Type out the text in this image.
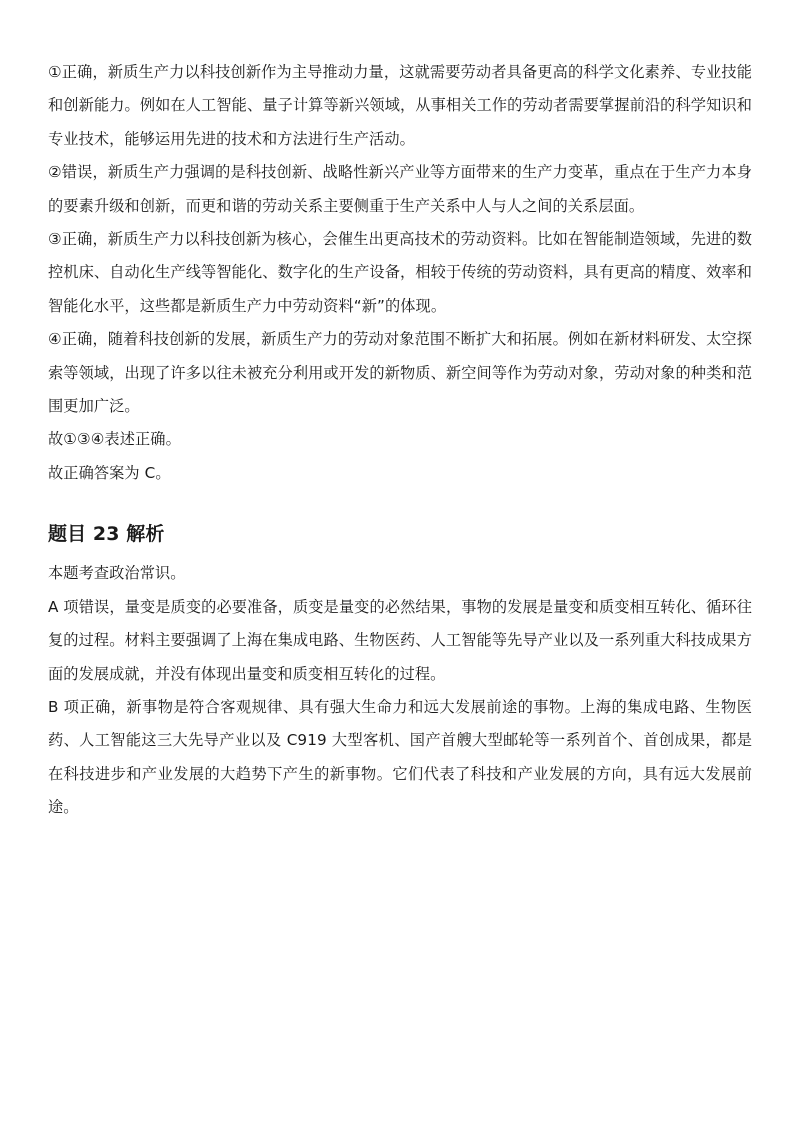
①正确，新质生产力以科技创新作为主导推动力量，这就需要劳动者具备更高的科学文化素养、专业技能和创新能力。例如在人工智能、量子计算等新兴领域，从事相关工作的劳动者需要掌握前沿的科学知识和专业技术，能够运用先进的技术和方法进行生产活动。

②错误，新质生产力强调的是科技创新、战略性新兴产业等方面带来的生产力变革，重点在于生产力本身的要素升级和创新，而更和谐的劳动关系主要侧重于生产关系中人与人之间的关系层面。

③正确，新质生产力以科技创新为核心，会催生出更高技术的劳动资料。比如在智能制造领域，先进的数控机床、自动化生产线等智能化、数字化的生产设备，相较于传统的劳动资料，具有更高的精度、效率和智能化水平，这些都是新质生产力中劳动资料“新”的体现。

④正确，随着科技创新的发展，新质生产力的劳动对象范围不断扩大和拓展。例如在新材料研发、太空探索等领域，出现了许多以往未被充分利用或开发的新物质、新空间等作为劳动对象，劳动对象的种类和范围更加广泛。

故①③④表述正确。

故正确答案为 C。

题目 23 解析

本题考查政治常识。

A 项错误，量变是质变的必要准备，质变是量变的必然结果，事物的发展是量变和质变相互转化、循环往复的过程。材料主要强调了上海在集成电路、生物医药、人工智能等先导产业以及一系列重大科技成果方面的发展成就，并没有体现出量变和质变相互转化的过程。

B 项正确，新事物是符合客观规律、具有强大生命力和远大发展前途的事物。上海的集成电路、生物医药、人工智能这三大先导产业以及 C919 大型客机、国产首艘大型邮轮等一系列首个、首创成果，都是在科技进步和产业发展的大趋势下产生的新事物。它们代表了科技和产业发展的方向，具有远大发展前途。
